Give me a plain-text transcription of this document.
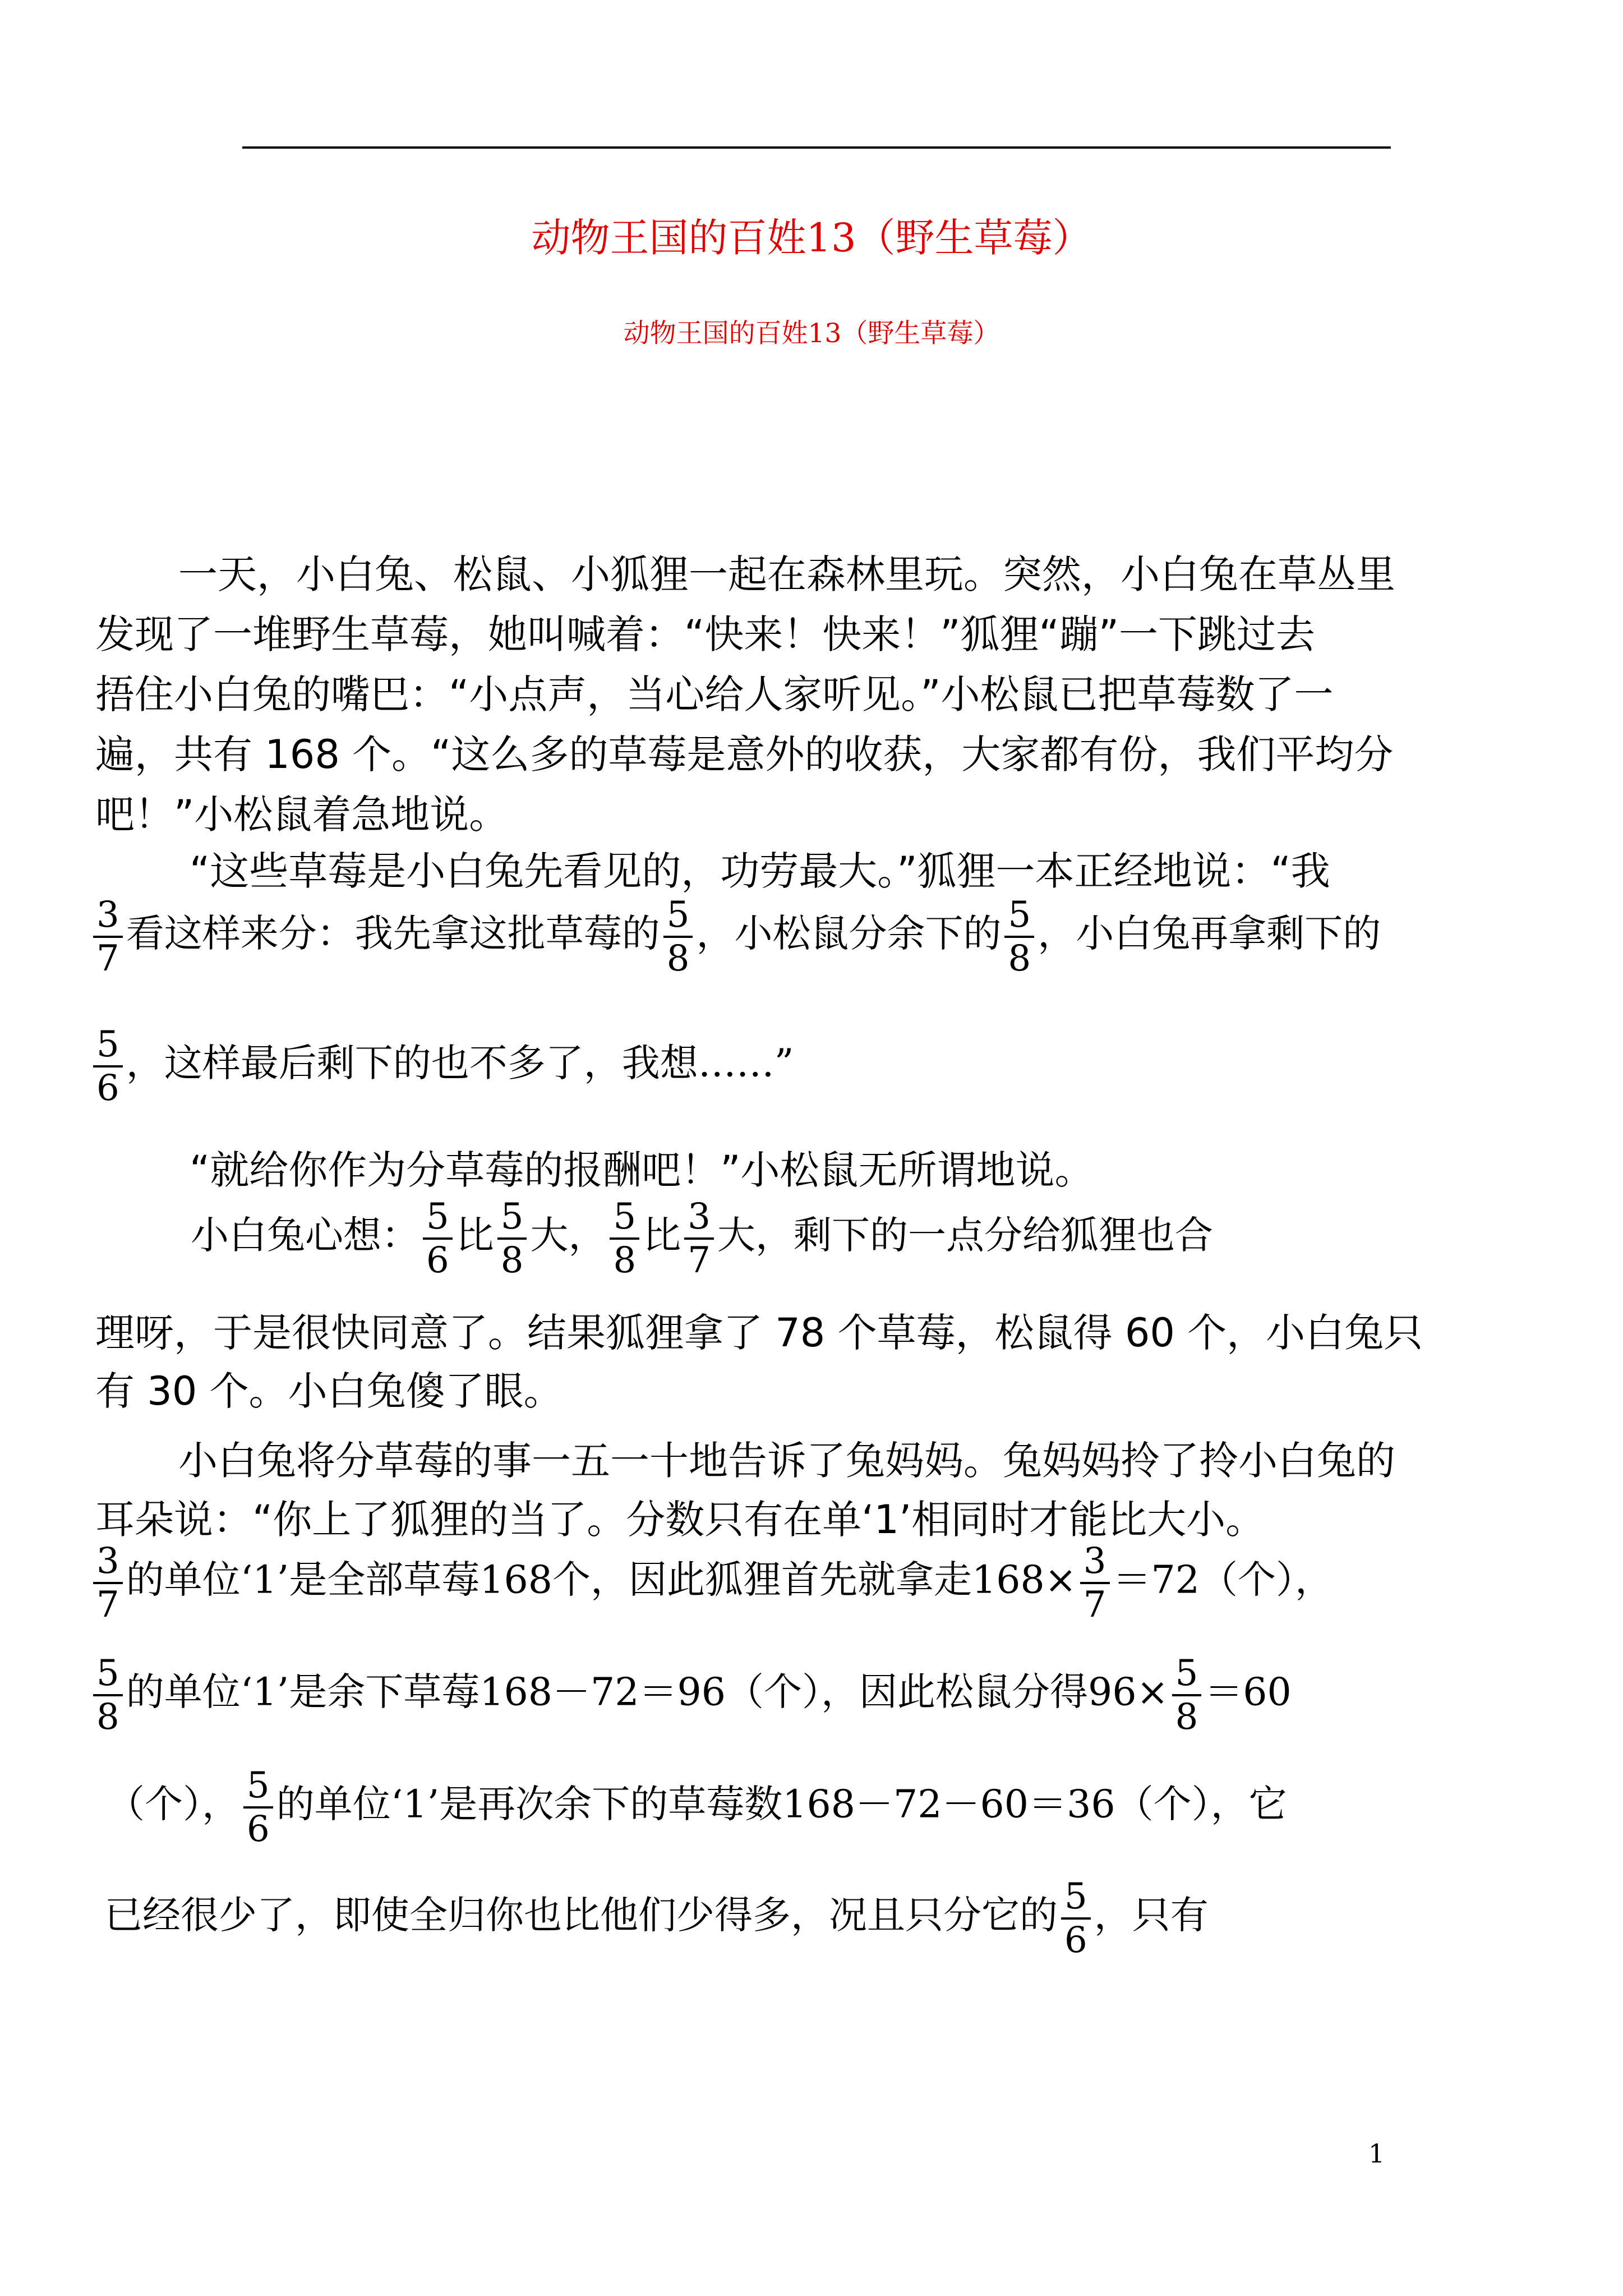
动物王国的百姓13（野生草莓）
动物王国的百姓13（野生草莓）
一天，小白兔、松鼠、小狐狸一起在森林里玩。突然，小白兔在草丛里
发现了一堆野生草莓，她叫喊着：“快来！快来！”狐狸“蹦”一下跳过去
捂住小白兔的嘴巴：“小点声，当心给人家听见。”小松鼠已把草莓数了一
遍，共有 168 个。“这么多的草莓是意外的收获，大家都有份，我们平均分
吧！”小松鼠着急地说。
“这些草莓是小白兔先看见的，功劳最大。”狐狸一本正经地说：“我
$\frac{3}{7}$ 看这样来分：我先拿这批草莓的 $\frac{5}{8}$ ，小松鼠分余下的 $\frac{5}{8}$ ，小白兔再拿剩下的
$\frac{5}{6}$ ，这样最后剩下的也不多了，我想……”
“就给你作为分草莓的报酬吧！”小松鼠无所谓地说。
小白兔心想： $\frac{5}{6}$ 比 $\frac{5}{8}$ 大， $\frac{5}{8}$ 比 $\frac{3}{7}$ 大，剩下的一点分给狐狸也合
理呀，于是很快同意了。结果狐狸拿了 78 个草莓，松鼠得 60 个，小白兔只
有 30 个。小白兔傻了眼。
小白兔将分草莓的事一五一十地告诉了兔妈妈。兔妈妈拎了拎小白兔的
耳朵说：“你上了狐狸的当了。分数只有在单‘1’相同时才能比大小。
$\frac{3}{7}$ 的单位‘1’是全部草莓168个，因此狐狸首先就拿走$168\times \frac{3}{7} =72$（个），
$\frac{5}{8}$ 的单位‘1’是余下草莓168－72＝96（个），因此松鼠分得$96\times \frac{5}{8} =60$
（个）， $\frac{5}{6}$ 的单位‘1’是再次余下的草莓数168－72－60＝36（个），它
已经很少了，即使全归你也比他们少得多，况且只分它的 $\frac{5}{6}$ ，只有
1
